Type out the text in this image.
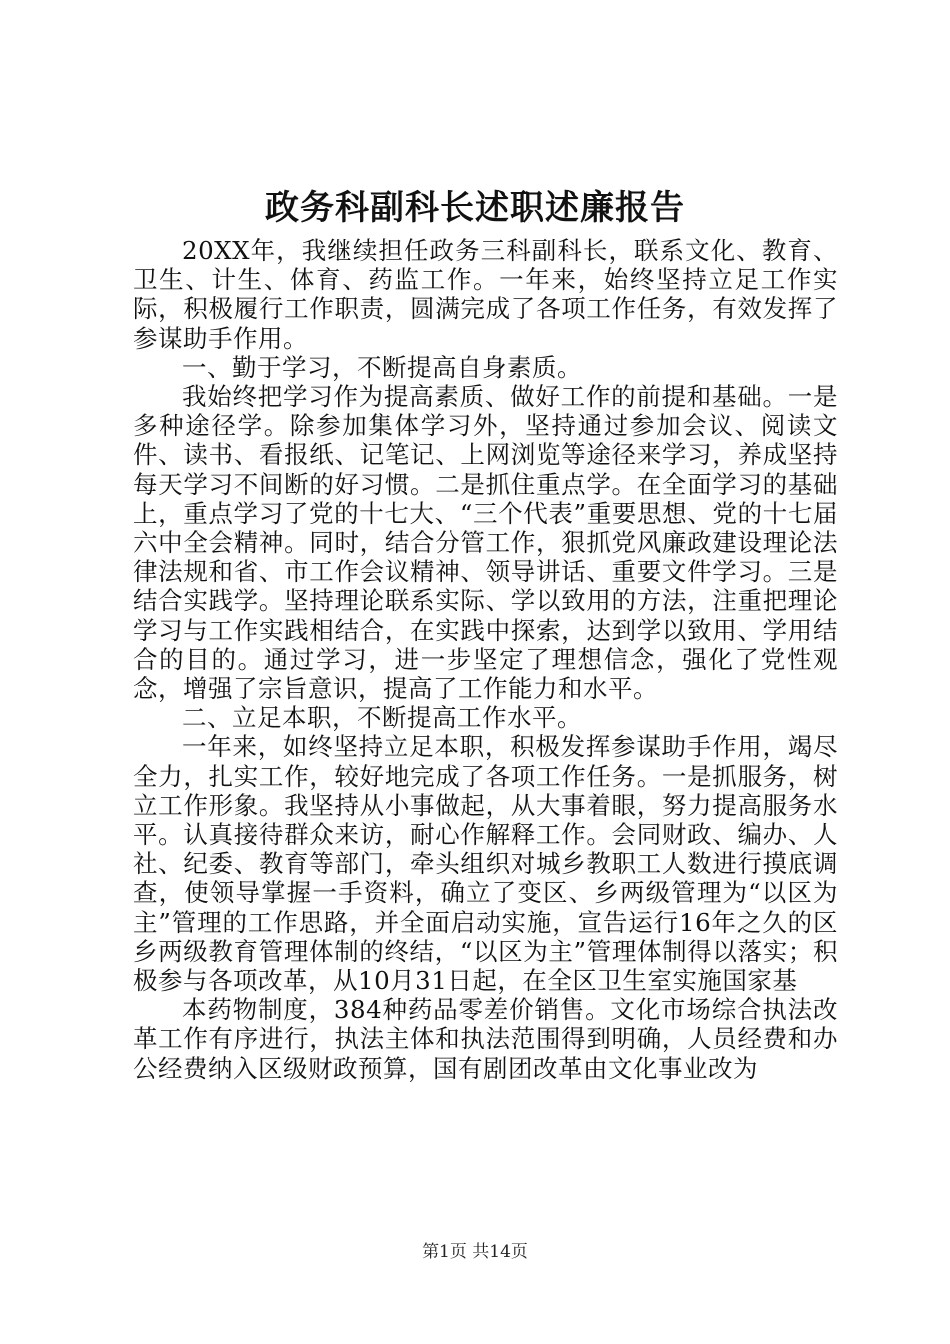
政务科副科长述职述廉报告

20XX年，我继续担任政务三科副科长，联系文化、教育、卫生、计生、体育、药监工作。一年来，始终坚持立足工作实际，积极履行工作职责，圆满完成了各项工作任务，有效发挥了参谋助手作用。

一、勤于学习，不断提高自身素质。

我始终把学习作为提高素质、做好工作的前提和基础。一是多种途径学。除参加集体学习外，坚持通过参加会议、阅读文件、读书、看报纸、记笔记、上网浏览等途径来学习，养成坚持每天学习不间断的好习惯。二是抓住重点学。在全面学习的基础上，重点学习了党的十七大、“三个代表”重要思想、党的十七届六中全会精神。同时，结合分管工作，狠抓党风廉政建设理论法律法规和省、市工作会议精神、领导讲话、重要文件学习。三是结合实践学。坚持理论联系实际、学以致用的方法，注重把理论学习与工作实践相结合，在实践中探索，达到学以致用、学用结合的目的。通过学习，进一步坚定了理想信念，强化了党性观念，增强了宗旨意识，提高了工作能力和水平。

二、立足本职，不断提高工作水平。

一年来，如终坚持立足本职，积极发挥参谋助手作用，竭尽全力，扎实工作，较好地完成了各项工作任务。一是抓服务，树立工作形象。我坚持从小事做起，从大事着眼，努力提高服务水平。认真接待群众来访，耐心作解释工作。会同财政、编办、人社、纪委、教育等部门，牵头组织对城乡教职工人数进行摸底调查，使领导掌握一手资料，确立了变区、乡两级管理为“以区为主”管理的工作思路，并全面启动实施，宣告运行16年之久的区乡两级教育管理体制的终结，“以区为主”管理体制得以落实；积极参与各项改革，从10月31日起，在全区卫生室实施国家基

本药物制度，384种药品零差价销售。文化市场综合执法改革工作有序进行，执法主体和执法范围得到明确，人员经费和办公经费纳入区级财政预算，国有剧团改革由文化事业改为

第1页 共14页
